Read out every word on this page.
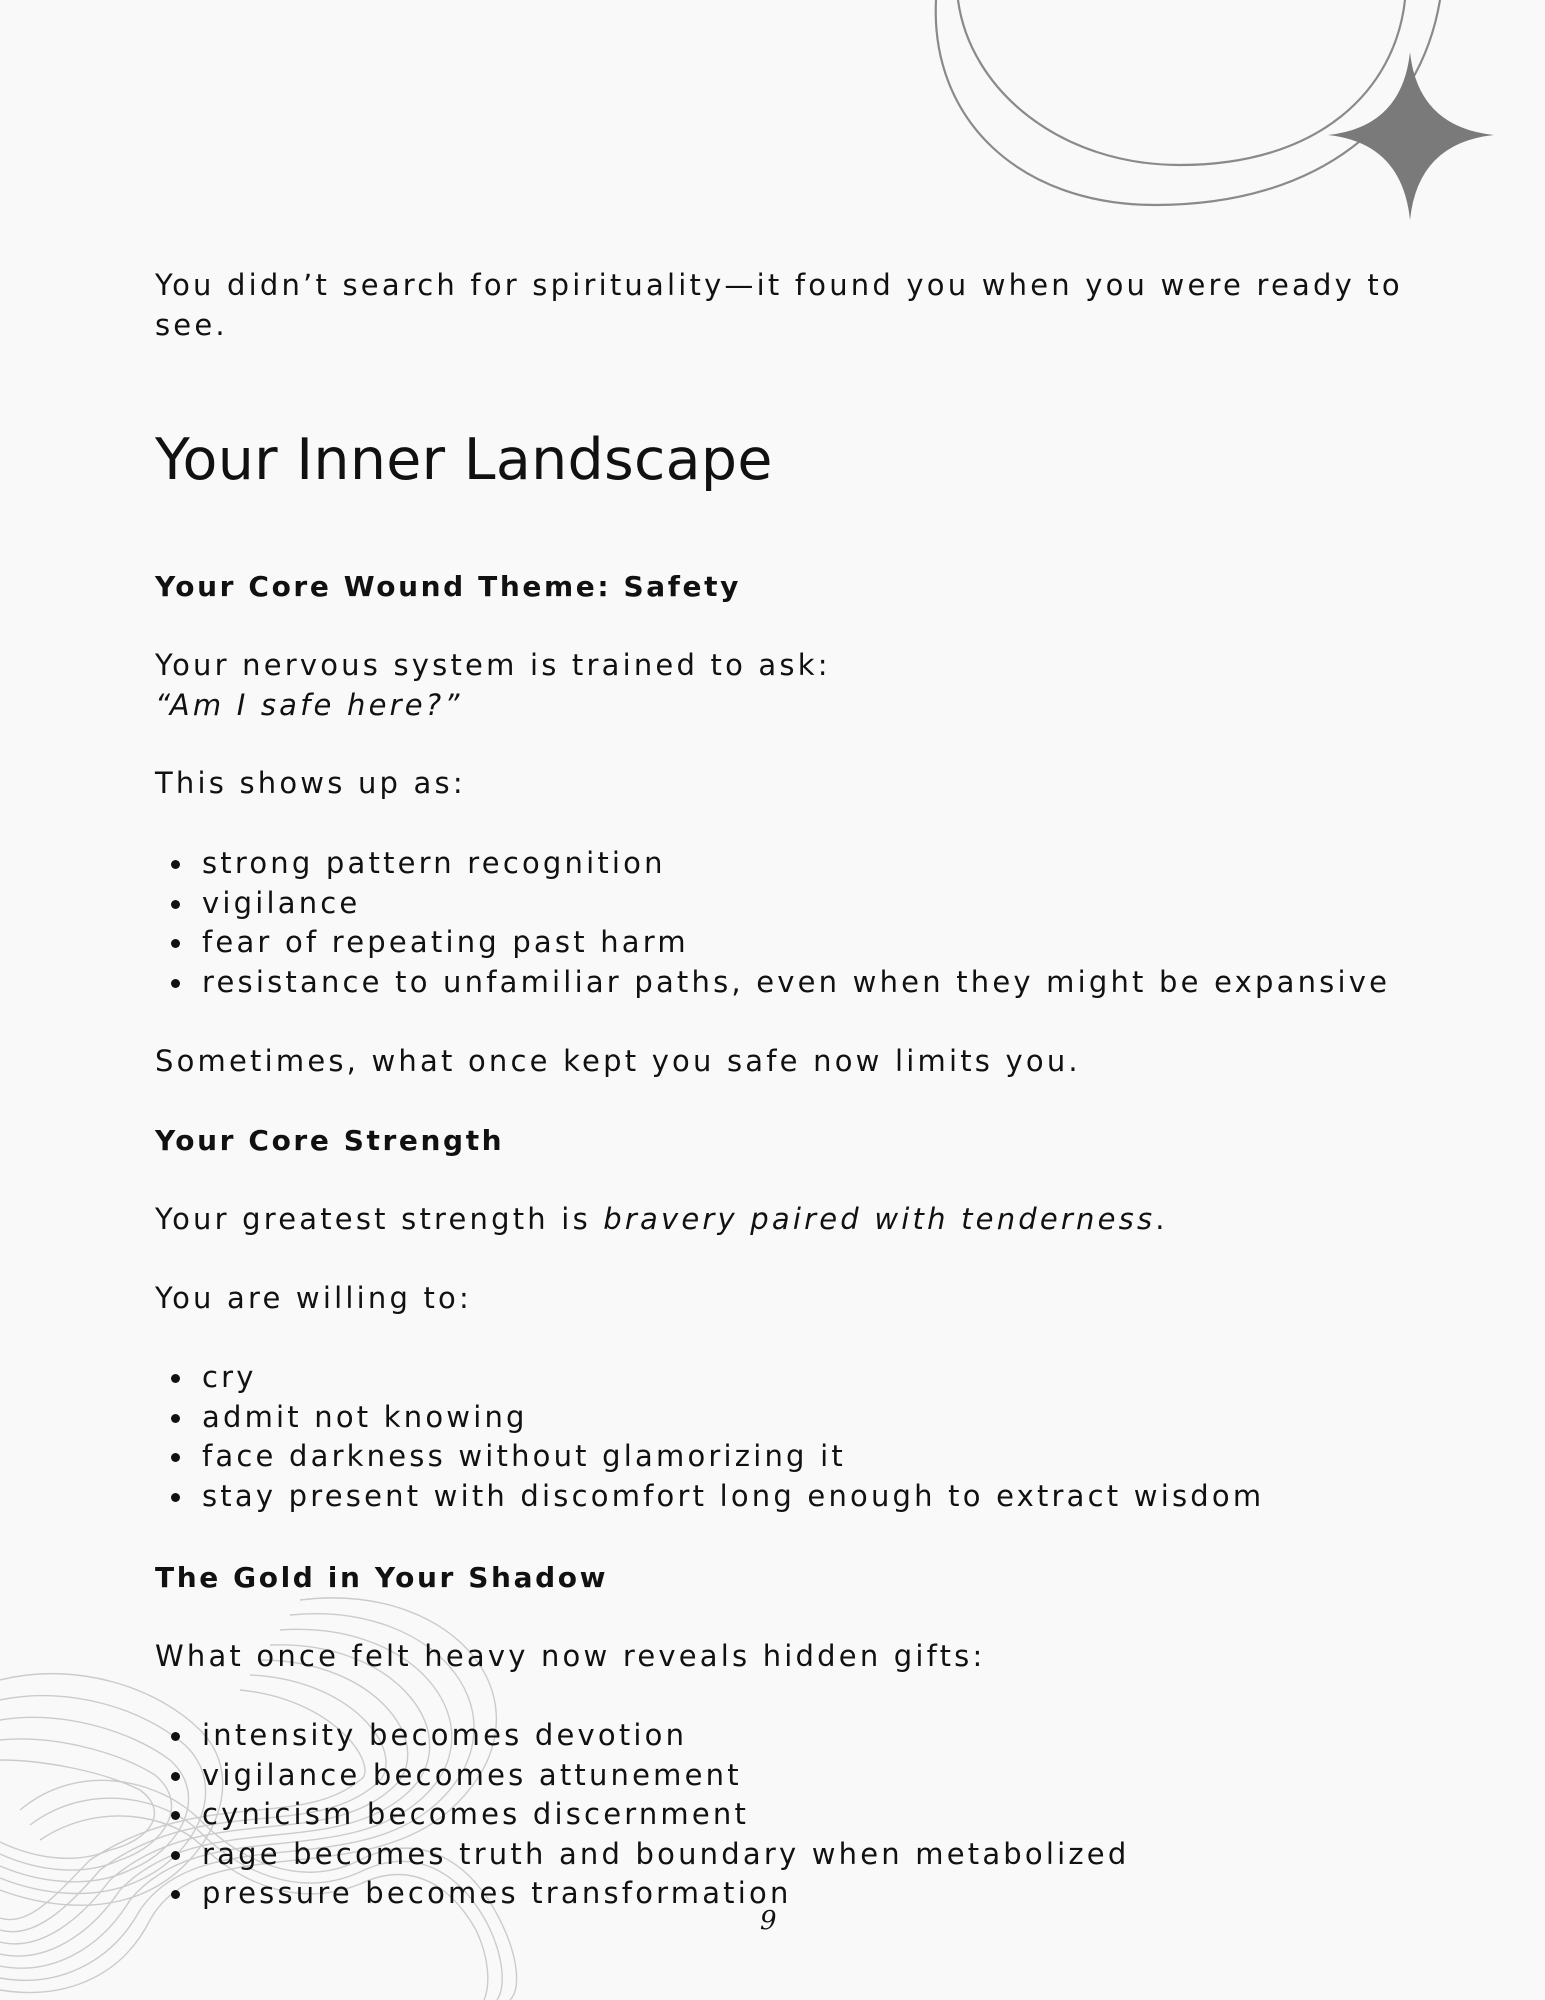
You didn’t search for spirituality—it found you when you were ready to see.

Your Inner Landscape
Your Core Wound Theme: Safety

Your nervous system is trained to ask:

“Am I safe here?”

This shows up as:

strong pattern recognition
vigilance
fear of repeating past harm
resistance to unfamiliar paths, even when they might be expansive

Sometimes, what once kept you safe now limits you.

Your Core Strength

Your greatest strength is bravery paired with tenderness.

You are willing to:

cry
admit not knowing
face darkness without glamorizing it
stay present with discomfort long enough to extract wisdom
The Gold in Your Shadow

What once felt heavy now reveals hidden gifts:

intensity becomes devotion
vigilance becomes attunement
cynicism becomes discernment
rage becomes truth and boundary when metabolized
pressure becomes transformation
9
